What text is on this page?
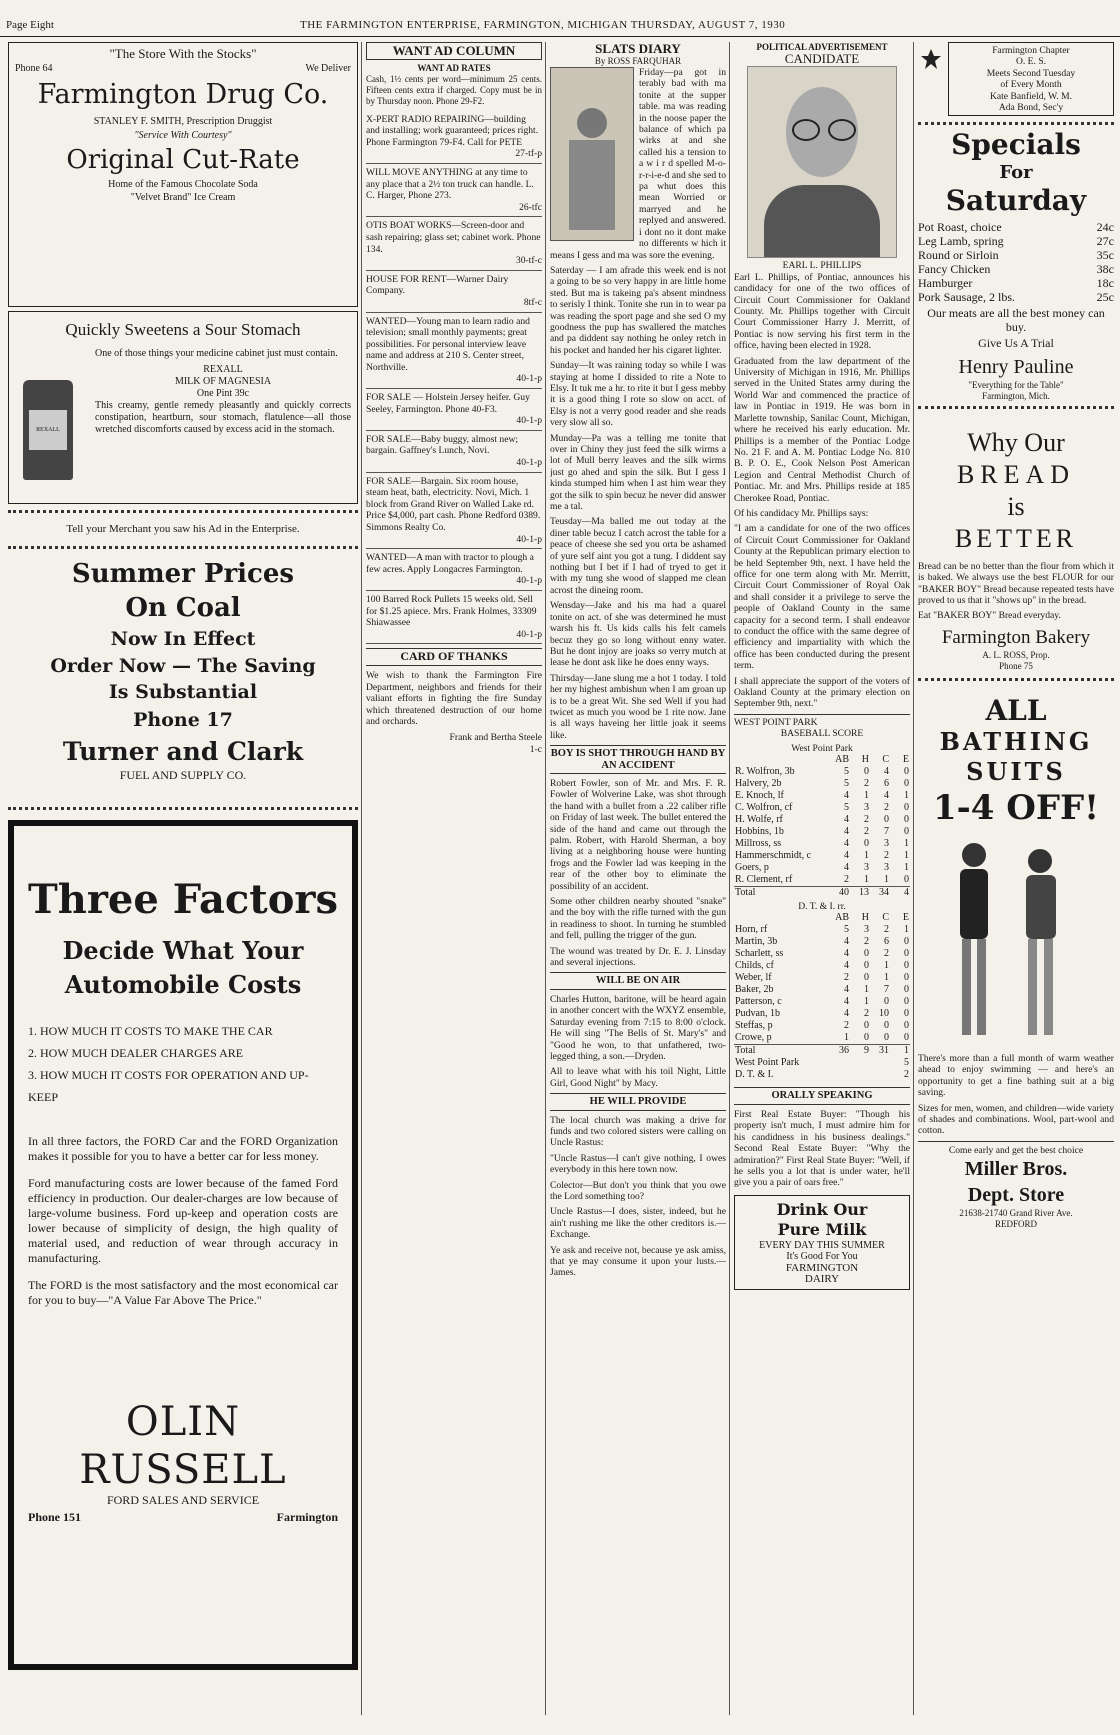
Page Eight	THE FARMINGTON ENTERPRISE, FARMINGTON, MICHIGAN THURSDAY, AUGUST 7, 1930
"The Store With the Stocks"
Phone 64	We Deliver
Farmington Drug Co.
STANLEY F. SMITH, Prescription Druggist
"Service With Courtesy"
Original Cut-Rate
Home of the Famous Chocolate Soda
"Velvet Brand" Ice Cream
Quickly Sweetens a Sour Stomach
REXALL

One of those things your medicine cabinet just must contain.

REXALL
MILK OF MAGNESIA
One Pint 39c

This creamy, gentle remedy pleasantly and quickly corrects constipation, heartburn, sour stomach, flatulence—all those wretched discomforts caused by excess acid in the stomach.

Tell your Merchant you saw his Ad in the Enterprise.
Summer Prices
On Coal
Now In Effect
Order Now — The Saving
Is Substantial
Phone 17
Turner and Clark
FUEL AND SUPPLY CO.
Three Factors
Decide What Your
Automobile Costs
1. HOW MUCH IT COSTS TO MAKE THE CAR
2. HOW MUCH DEALER CHARGES ARE
3. HOW MUCH IT COSTS FOR OPERATION AND UP-KEEP

In all three factors, the FORD Car and the FORD Organization makes it possible for you to have a better car for less money.

Ford manufacturing costs are lower because of the famed Ford efficiency in production. Our dealer-charges are low because of large-volume business. Ford up-keep and operation costs are lower because of simplicity of design, the high quality of material used, and reduction of wear through accuracy in manufacturing.

The FORD is the most satisfactory and the most economical car for you to buy—"A Value Far Above The Price."

OLIN RUSSELL
FORD SALES AND SERVICE
Phone 151	Farmington
WANT AD COLUMN
WANT AD RATES

Cash, 1½ cents per word—minimum 25 cents. Fifteen cents extra if charged. Copy must be in by Thursday noon. Phone 29-F2.

X-PERT RADIO REPAIRING—building and installing; work guaranteed; prices right. Phone Farmington 79-F4. Call for PETE
27-tf-p
WILL MOVE ANYTHING at any time to any place that a 2½ ton truck can handle. L. C. Harger, Phone 273.
26-tfc
OTIS BOAT WORKS—Screen-door and sash repairing; glass set; cabinet work. Phone 134.
30-tf-c
HOUSE FOR RENT—Warner Dairy Company.
8tf-c
WANTED—Young man to learn radio and television; small monthly payments; great possibilities. For personal interview leave name and address at 210 S. Center street, Northville.
40-1-p
FOR SALE — Holstein Jersey heifer. Guy Seeley, Farmington. Phone 40-F3.
40-1-p
FOR SALE—Baby buggy, almost new; bargain. Gaffney's Lunch, Novi.
40-1-p
FOR SALE—Bargain. Six room house, steam heat, bath, electricity. Novi, Mich. 1 block from Grand River on Walled Lake rd. Price $4,000, part cash. Phone Redford 0389. Simmons Realty Co.
40-1-p
WANTED—A man with tractor to plough a few acres. Apply Longacres Farmington.
40-1-p
100 Barred Rock Pullets 15 weeks old. Sell for $1.25 apiece. Mrs. Frank Holmes, 33309 Shiawassee
40-1-p
CARD OF THANKS

We wish to thank the Farmington Fire Department, neighbors and friends for their valiant efforts in fighting the fire Sunday which threatened destruction of our home and orchards.

Frank and Bertha Steele
1-c
SLATS DIARY
By ROSS FARQUHAR

Friday—pa got in terably bad with ma tonite at the supper table. ma was reading in the noose paper the balance of which pa wirks at and she called his a tension to a w i r d spelled M-o-r-r-i-e-d and she sed to pa whut does this mean Worried or marryed and he replyed and answered. i dont no it dont make no differents w hich it means I gess and ma was sore the evening.

Saterday — I am afrade this week end is not a going to be so very happy in are little home sted. But ma is takeing pa's absent mindness to serisly I think. Tonite she run in to wear pa was reading the sport page and she sed O my goodness the pup has swallered the matches and pa diddent say nothing he onley retch in his pocket and handed her his cigaret lighter.

Sunday—It was raining today so while I was staying at home I dissided to rite a Note to Elsy. It tuk me a hr. to rite it but I gess mebby it is a good thing I rote so slow on acct. of Elsy is not a verry good reader and she reads very slow all so.

Munday—Pa was a telling me tonite that over in Chiny they just feed the silk wirms a lot of Mull berry leaves and the silk wirms just go ahed and spin the silk. But I gess I kinda stumped him when I ast him wear they got the silk to spin becuz he never did answer me a tal.

Teusday—Ma balled me out today at the diner table becuz I catch acrost the table for a peace of cheese she sed you orta be ashamed of yure self aint you got a tung. I diddent say nothing but I bet if I had of tryed to get it with my tung she wood of slapped me clean acrost the dineing room.

Wensday—Jake and his ma had a quarel tonite on act. of she was determined he must warsh his ft. Us kids calls his felt camels becuz they go so long without enny water. But he dont injoy are joaks so verry mutch at lease he dont ask like he does enny ways.

Thirsday—Jane slung me a hot 1 today. I told her my highest ambishun when I am groan up is to be a great Wit. She sed Well if you had twicet as much you wood be 1 rite now. Jane is all ways haveing her little joak it seems like.

BOY IS SHOT THROUGH HAND BY AN ACCIDENT

Robert Fowler, son of Mr. and Mrs. F. R. Fowler of Wolverine Lake, was shot through the hand with a bullet from a .22 caliber rifle on Friday of last week. The bullet entered the side of the hand and came out through the palm. Robert, with Harold Sherman, a boy living at a neighboring house were hunting frogs and the Fowler lad was keeping in the rear of the other boy to eliminate the possibility of an accident.

Some other children nearby shouted "snake" and the boy with the rifle turned with the gun in readiness to shoot. In turning he stumbled and fell, pulling the trigger of the gun.

The wound was treated by Dr. E. J. Linsday and several injections.

WILL BE ON AIR

Charles Hutton, baritone, will be heard again in another concert with the WXYZ ensemble, Saturday evening from 7:15 to 8:00 o'clock. He will sing "The Bells of St. Mary's" and "Good he won, to that unfathered, two-legged thing, a son.—Dryden.

All to leave what with his toil Night, Little Girl, Good Night" by Macy.

HE WILL PROVIDE

The local church was making a drive for funds and two colored sisters were calling on Uncle Rastus:

"Uncle Rastus—I can't give nothing, I owes everybody in this here town now.

Colector—But don't you think that you owe the Lord something too?

Uncle Rastus—I does, sister, indeed, but he ain't rushing me like the other creditors is.—Exchange.

Ye ask and receive not, because ye ask amiss, that ye may consume it upon your lusts.—James.

POLITICAL ADVERTISEMENT
CANDIDATE
EARL L. PHILLIPS

Earl L. Phillips, of Pontiac, announces his candidacy for one of the two offices of Circuit Court Commissioner for Oakland County. Mr. Phillips together with Circuit Court Commissioner Harry J. Merritt, of Pontiac is now serving his first term in the office, having been elected in 1928.

Graduated from the law department of the University of Michigan in 1916, Mr. Phillips served in the United States army during the World War and commenced the practice of law in Pontiac in 1919. He was born in Marlette township, Sanilac Count, Michigan, where he received his early education. Mr. Phillips is a member of the Pontiac Lodge No. 21 F. and A. M. Pontiac Lodge No. 810 B. P. O. E., Cook Nelson Post American Legion and Central Methodist Church of Pontiac. Mr. and Mrs. Phillips reside at 185 Cherokee Road, Pontiac.

Of his candidacy Mr. Phillips says:

"I am a candidate for one of the two offices of Circuit Court Commissioner for Oakland County at the Republican primary election to be held September 9th, next. I have held the office for one term along with Mr. Merritt, Circuit Court Commissioner of Royal Oak and shall consider it a privilege to serve the people of Oakland County in the same capacity for a second term. I shall endeavor to conduct the office with the same degree of efficiency and impartiality with which the office has been conducted during the present term.

I shall appreciate the support of the voters of Oakland County at the primary election on September 9th, next."

WEST POINT PARK
BASEBALL SCORE
West Point Park
	AB	H	C	E
R. Wolfron, 3b	5	0	4	0
Halvery, 2b	5	2	6	0
E. Knoch, lf	4	1	4	1
C. Wolfron, cf	5	3	2	0
H. Wolfe, rf	4	2	0	0
Hobbins, 1b	4	2	7	0
Millross, ss	4	0	3	1
Hammerschmidt, c	4	1	2	1
Goers, p	4	3	3	1
R. Clement, rf	2	1	1	0
Total	40	13	34	4
D. T. & I. rr.
	AB	H	C	E
Horn, rf	5	3	2	1
Martin, 3b	4	2	6	0
Scharlett, ss	4	0	2	0
Childs, cf	4	0	1	0
Weber, lf	2	0	1	0
Baker, 2b	4	1	7	0
Patterson, c	4	1	0	0
Pudvan, 1b	4	2	10	0
Steffas, p	2	0	0	0
Crowe, p	1	0	0	0
Total	36	9	31	1
West Point Park	5
D. T. & I.	2
ORALLY SPEAKING

First Real Estate Buyer: "Though his property isn't much, I must admire him for his candidness in his business dealings." Second Real Estate Buyer: "Why the admiration?" First Real State Buyer: "Well, if he sells you a lot that is under water, he'll give you a pair of oars free."

Drink Our
Pure Milk
EVERY DAY THIS SUMMER
It's Good For You
FARMINGTON
DAIRY
Farmington Chapter
O. E. S.
Meets Second Tuesday
of Every Month
Kate Banfield, W. M.
Ada Bond, Sec'y
Specials
For
Saturday
Pot Roast, choice	24c
Leg Lamb, spring	27c
Round or Sirloin	35c
Fancy Chicken	38c
Hamburger	18c
Pork Sausage, 2 lbs.	25c
Our meats are all the best money can buy.
Give Us A Trial
Henry Pauline
"Everything for the Table"
Farmington, Mich.
Why Our
BREAD
is
BETTER

Bread can be no better than the flour from which it is baked. We always use the best FLOUR for our "BAKER BOY" Bread because repeated tests have proved to us that it "shows up" in the bread.

Eat "BAKER BOY" Bread everyday.

Farmington Bakery
A. L. ROSS, Prop.
Phone 75
ALL
BATHING
SUITS
1-4 OFF!

There's more than a full month of warm weather ahead to enjoy swimming — and here's an opportunity to get a fine bathing suit at a big saving.

Sizes for men, women, and children—wide variety of shades and combinations. Wool, part-wool and cotton.

Come early and get the best choice
Miller Bros.
Dept. Store
21638-21740 Grand River Ave.
REDFORD
